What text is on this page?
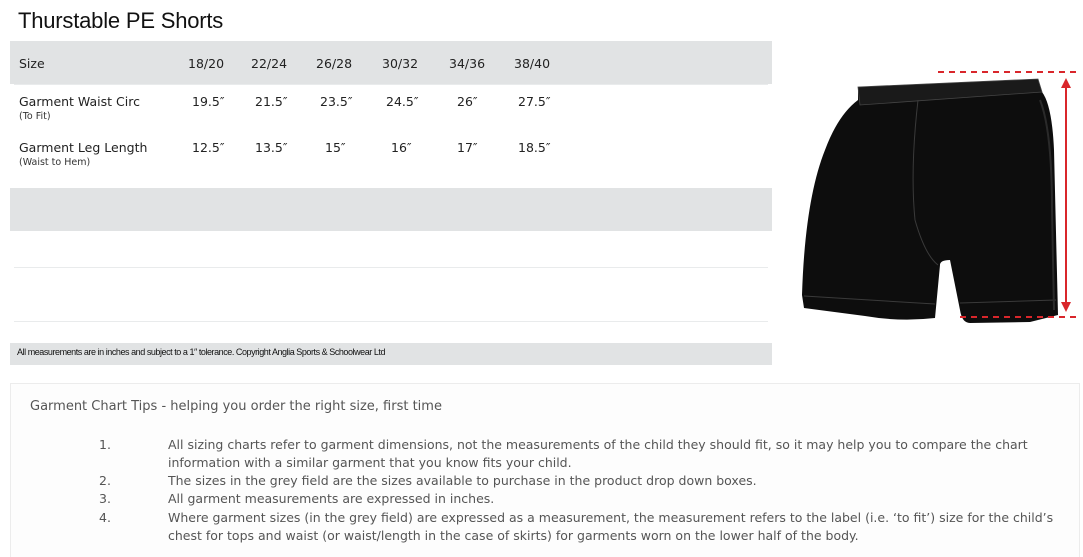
Thurstable PE Shorts
Size	18/20 22/24 26/28 30/32 34/36 38/40
Garment Waist Circ
(To Fit)
19.5″ 21.5″	23.5″	24.5″	26″	27.5″
Garment Leg Length
(Waist to Hem)
12.5″ 13.5″	15″	16″	17″	18.5″
All measurements are in inches and subject to a 1″ tolerance. Copyright Anglia Sports & Schoolwear Ltd
Garment Chart Tips - helping you order the right size, first time
1.	All sizing charts refer to garment dimensions, not the measurements of the child they should fit, so it may help you to compare the chart information with a similar garment that you know fits your child.
2.	The sizes in the grey field are the sizes available to purchase in the product drop down boxes.
3.	All garment measurements are expressed in inches.
4.	Where garment sizes (in the grey field) are expressed as a measurement, the measurement refers to the label (i.e. ‘to fit’) size for the child’s chest for tops and waist (or waist/length in the case of skirts) for garments worn on the lower half of the body.
